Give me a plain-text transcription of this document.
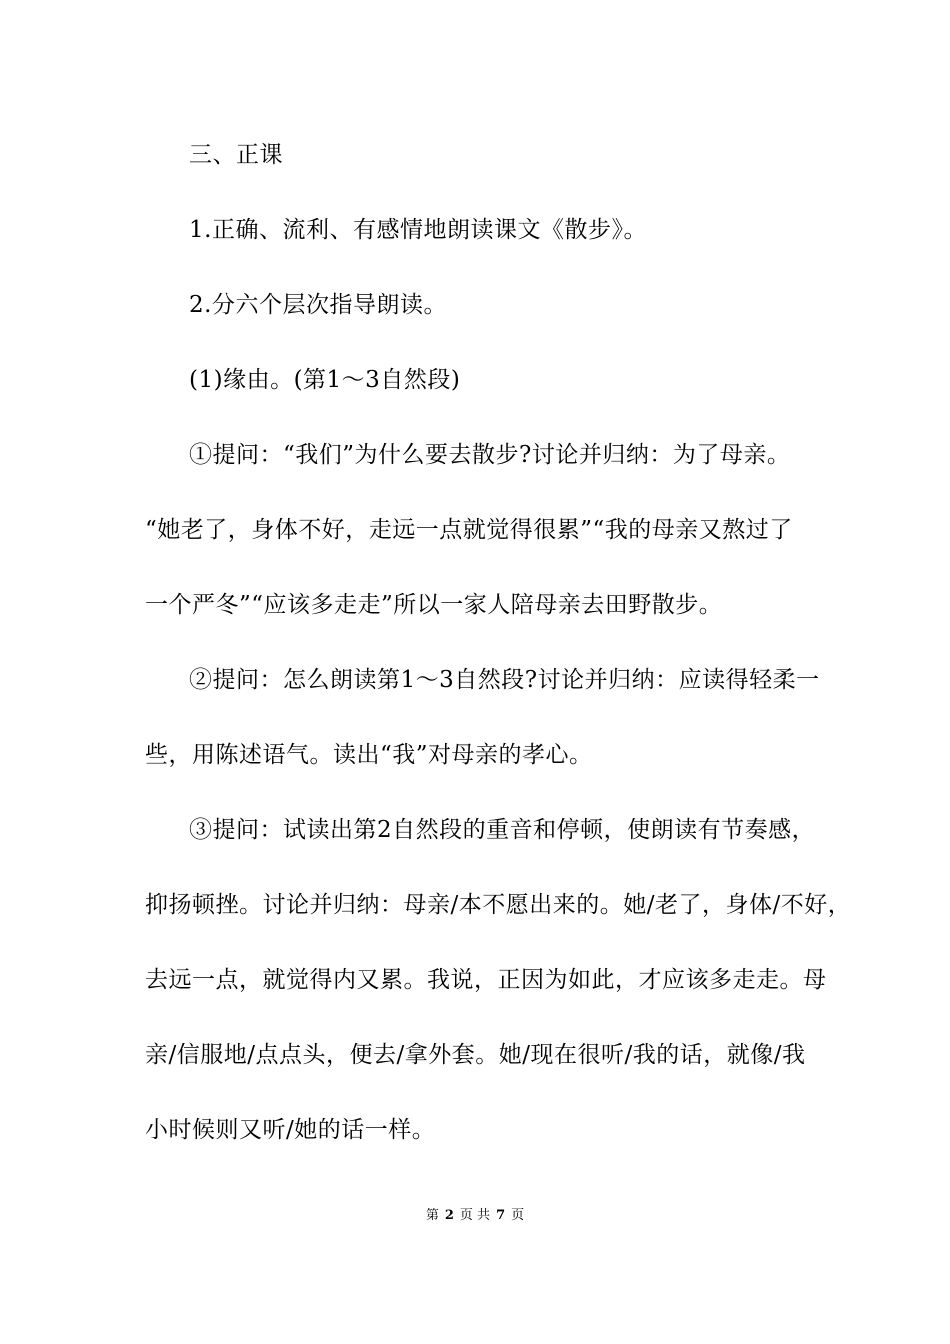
三、正课
1.正确、流利、有感情地朗读课文《散步》。
2.分六个层次指导朗读。
(1)缘由。(第1～3自然段)
①提问：“我们”为什么要去散步?讨论并归纳：为了母亲。
“她老了，身体不好，走远一点就觉得很累”“我的母亲又熬过了
一个严冬”“应该多走走”所以一家人陪母亲去田野散步。
②提问：怎么朗读第1～3自然段?讨论并归纳：应读得轻柔一
些，用陈述语气。读出“我”对母亲的孝心。
③提问：试读出第2自然段的重音和停顿，使朗读有节奏感，
抑扬顿挫。讨论并归纳：母亲/本不愿出来的。她/老了，身体/不好，
去远一点，就觉得内又累。我说，正因为如此，才应该多走走。母
亲/信服地/点点头，便去/拿外套。她/现在很听/我的话，就像/我
小时候则又听/她的话一样。
第 2 页 共 7 页
